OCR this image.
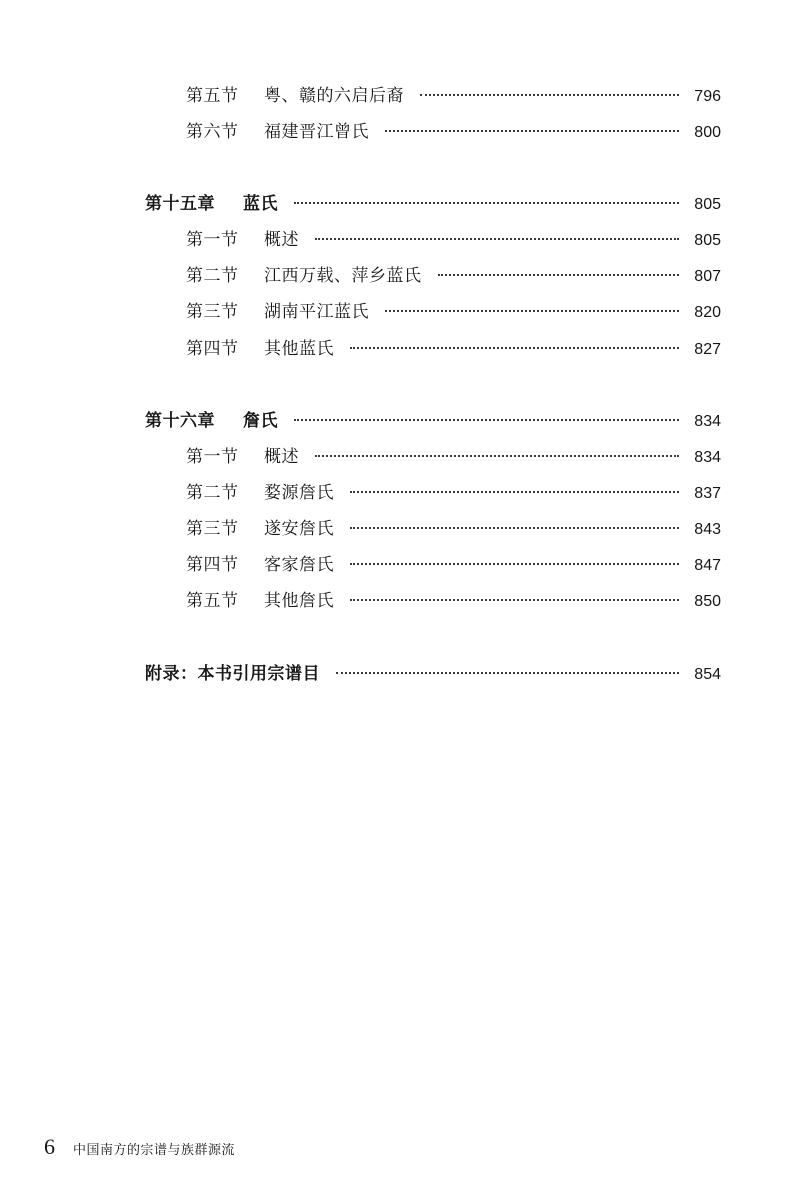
第五节	粤、赣的六启后裔	796
第六节	福建晋江曾氏	800
第十五章	蓝氏	805
第一节	概述	805
第二节	江西万载、萍乡蓝氏	807
第三节	湖南平江蓝氏	820
第四节	其他蓝氏	827
第十六章	詹氏	834
第一节	概述	834
第二节	婺源詹氏	837
第三节	遂安詹氏	843
第四节	客家詹氏	847
第五节	其他詹氏	850
附录：本书引用宗谱目	854
6 中国南方的宗谱与族群源流
